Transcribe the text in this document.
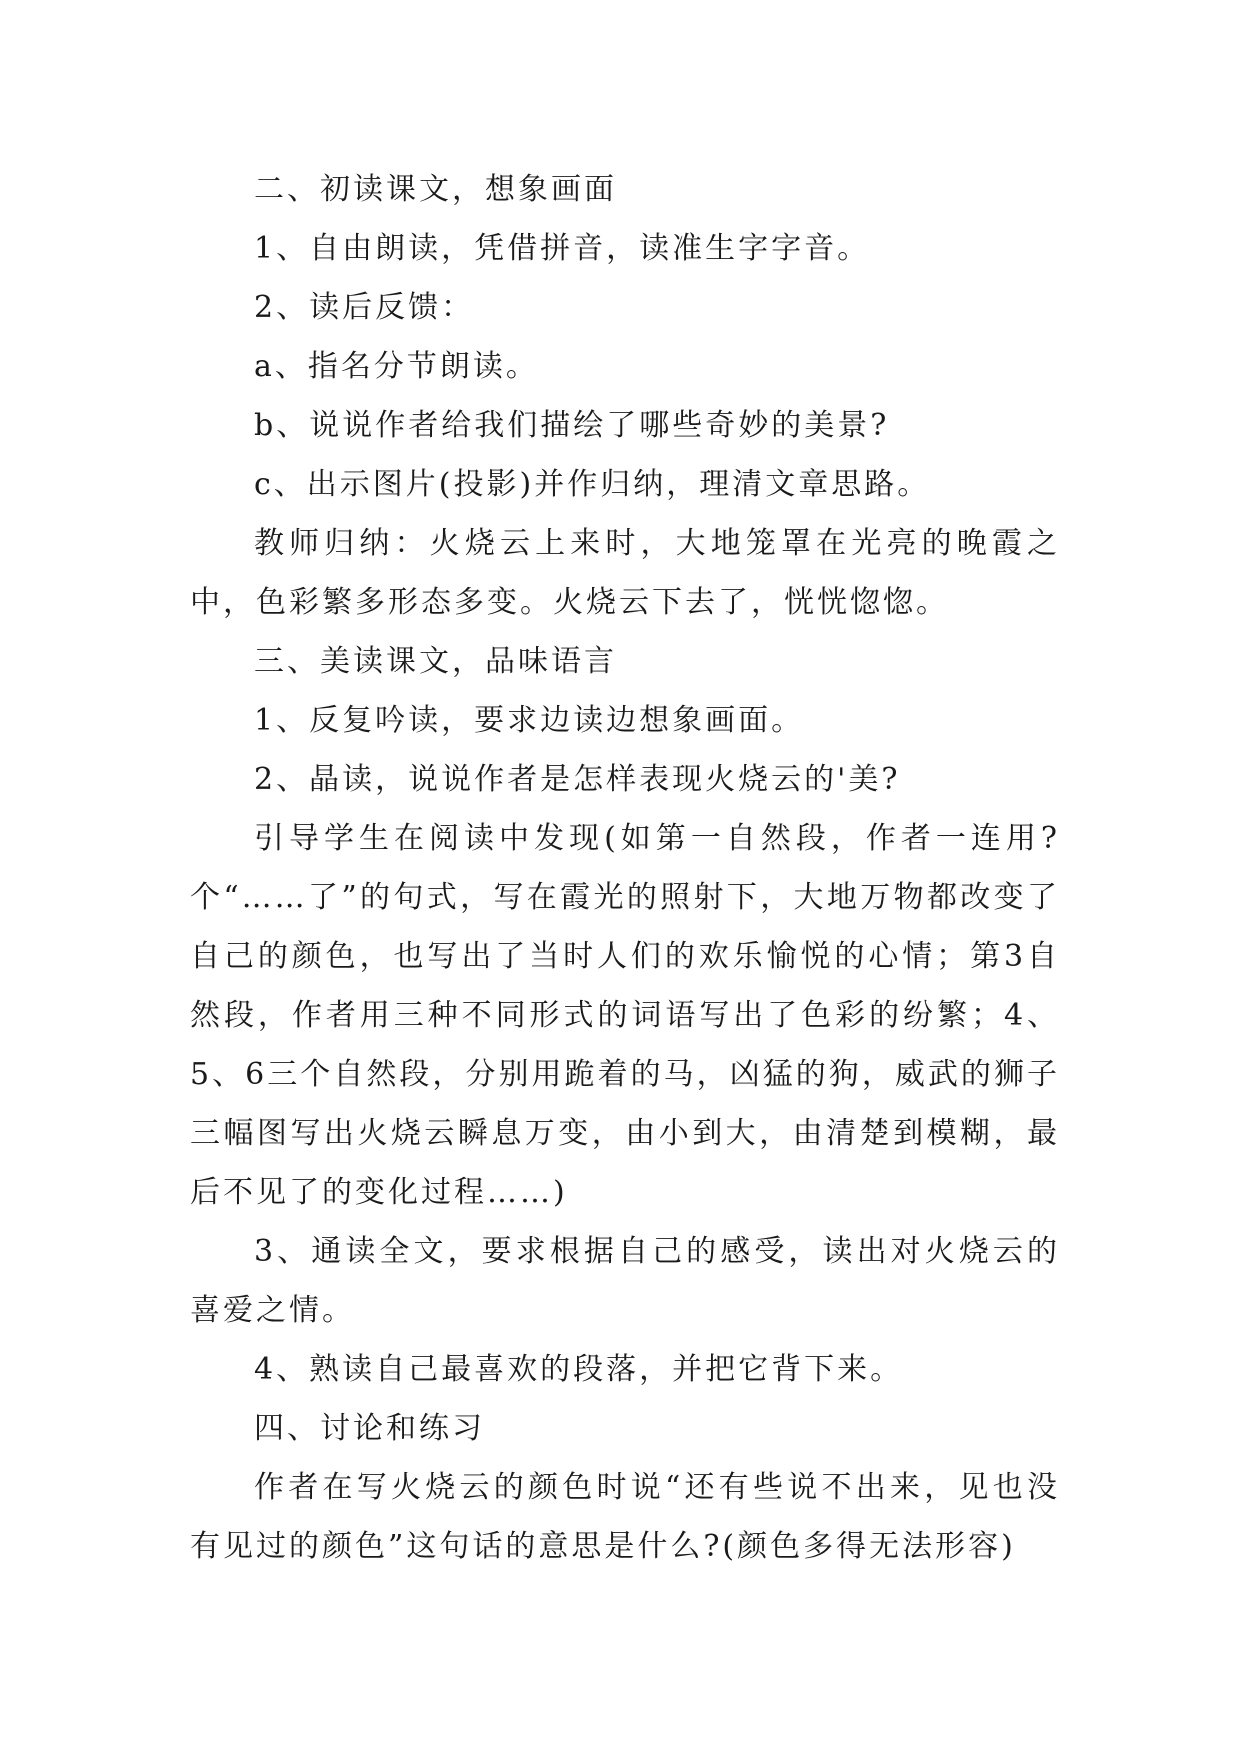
二、初读课文，想象画面

1、自由朗读，凭借拼音，读准生字字音。

2、读后反馈：

a、指名分节朗读。

b、说说作者给我们描绘了哪些奇妙的美景?

c、出示图片(投影)并作归纳，理清文章思路。

教师归纳：火烧云上来时，大地笼罩在光亮的晚霞之中，色彩繁多形态多变。火烧云下去了，恍恍惚惚。

三、美读课文，品味语言

1、反复吟读，要求边读边想象画面。

2、晶读，说说作者是怎样表现火烧云的'美?

引导学生在阅读中发现(如第一自然段，作者一连用?个“……了”的句式，写在霞光的照射下，大地万物都改变了自己的颜色，也写出了当时人们的欢乐愉悦的心情；第3自然段，作者用三种不同形式的词语写出了色彩的纷繁；4、5、6三个自然段，分别用跪着的马，凶猛的狗，威武的狮子三幅图写出火烧云瞬息万变，由小到大，由清楚到模糊，最后不见了的变化过程……)

3、通读全文，要求根据自己的感受，读出对火烧云的喜爱之情。

4、熟读自己最喜欢的段落，并把它背下来。

四、讨论和练习

作者在写火烧云的颜色时说“还有些说不出来，见也没有见过的颜色”这句话的意思是什么?(颜色多得无法形容)
